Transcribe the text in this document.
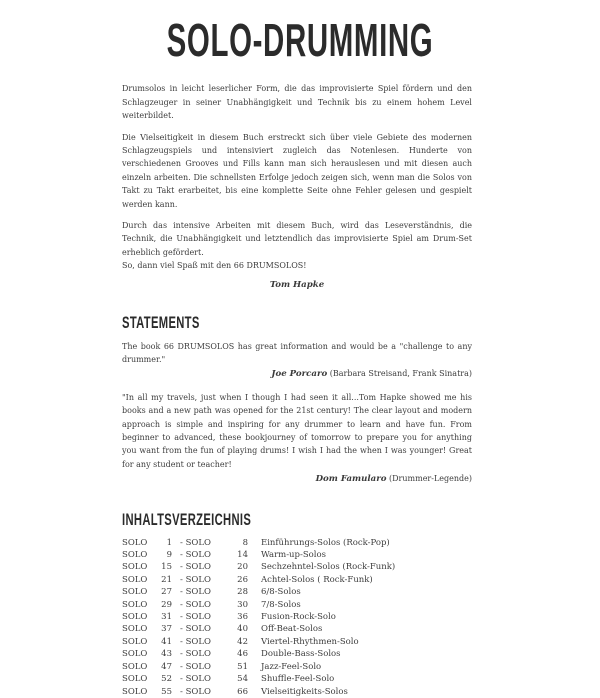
SOLO-DRUMMING

Drumsolos in leicht leserlicher Form, die das improvisierte Spiel fördern und den Schlagzeuger in seiner Unabhängigkeit und Technik bis zu einem hohem Level weiterbildet.

Die Vielseitigkeit in diesem Buch erstreckt sich über viele Gebiete des modernen Schlagzeugspiels und intensiviert zugleich das Notenlesen. Hunderte von verschiedenen Grooves und Fills kann man sich herauslesen und mit diesen auch einzeln arbeiten. Die schnellsten Erfolge jedoch zeigen sich, wenn man die Solos von Takt zu Takt erarbeitet, bis eine komplette Seite ohne Fehler gelesen und gespielt werden kann.

Durch das intensive Arbeiten mit diesem Buch, wird das Leseverständnis, die Technik, die Unabhängigkeit und letztendlich das improvisierte Spiel am Drum-Set erheblich gefördert.

So, dann viel Spaß mit den 66 DRUMSOLOS!

Tom Hapke

STATEMENTS

The book 66 DRUMSOLOS has great information and would be a "challenge to any drummer."

Joe Porcaro (Barbara Streisand, Frank Sinatra)

"In all my travels, just when I though I had seen it all...Tom Hapke showed me his books and a new path was opened for the 21st century! The clear layout and modern approach is simple and inspiring for any drummer to learn and have fun. From beginner to advanced, these bookjourney of tomorrow to prepare you for anything you want from the fun of playing drums! I wish I had the when I was younger! Great for any student or teacher!

Dom Famularo (Drummer-Legende)

INHALTSVERZEICHNIS
SOLO	1 - SOLO	8	Einführungs-Solos (Rock-Pop)
SOLO	9 - SOLO	14	Warm-up-Solos
SOLO	15 - SOLO	20	Sechzehntel-Solos (Rock-Funk)
SOLO	21 - SOLO	26	Achtel-Solos ( Rock-Funk)
SOLO	27 - SOLO	28	6/8-Solos
SOLO	29 - SOLO	30	7/8-Solos
SOLO	31 - SOLO	36	Fusion-Rock-Solo
SOLO	37 - SOLO	40	Off-Beat-Solos
SOLO	41 - SOLO	42	Viertel-Rhythmen-Solo
SOLO	43 - SOLO	46	Double-Bass-Solos
SOLO	47 - SOLO	51	Jazz-Feel-Solo
SOLO	52 - SOLO	54	Shuffle-Feel-Solo
SOLO	55 - SOLO	66	Vielseitigkeits-Solos
